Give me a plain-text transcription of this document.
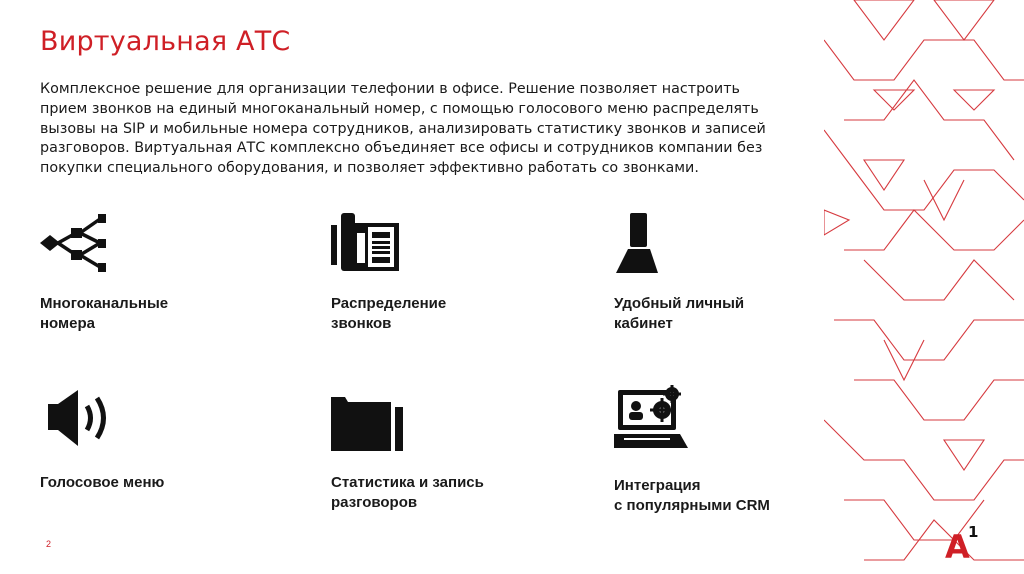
Виртуальная АТС
Комплексное решение для организации телефонии в офисе. Решение позволяет настроить
прием звонков на единый многоканальный номер, с помощью голосового меню распределять
вызовы на SIP и мобильные номера сотрудников, анализировать статистику звонков и записей
разговоров. Виртуальная АТС комплексно объединяет все офисы и сотрудников компании без
покупки специального оборудования, и позволяет эффективно работать со звонками.
Многоканальные
номера
Распределение
звонков
Удобный личный
кабинет
Голосовое меню	Статистика и запись
разговоров
Интеграция
с популярными CRM
2	A
1
